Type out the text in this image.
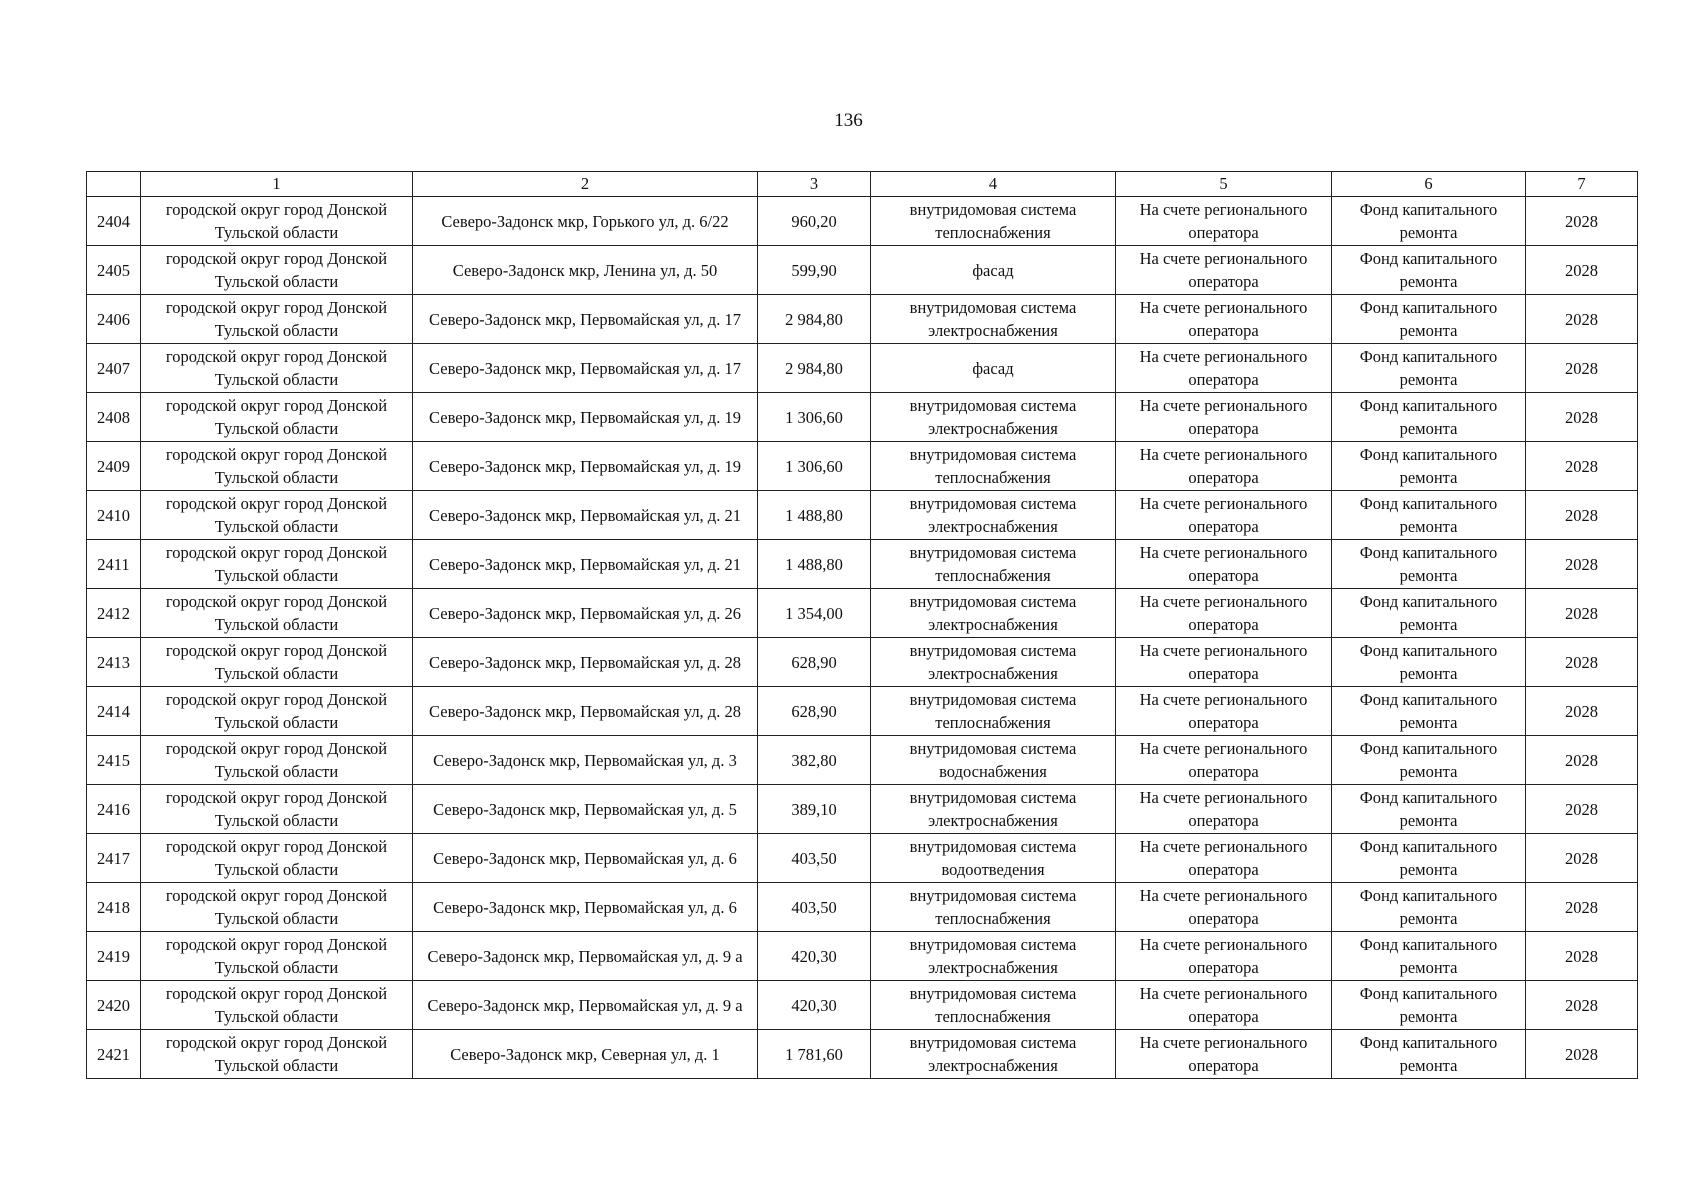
136
	1	2	3	4	5	6	7
2404	городской округ город Донской Тульской области	Северо-Задонск мкр, Горького ул, д. 6/22	960,20	внутридомовая система теплоснабжения	На счете регионального оператора	Фонд капитального ремонта	2028
2405	городской округ город Донской Тульской области	Северо-Задонск мкр, Ленина ул, д. 50	599,90	фасад	На счете регионального оператора	Фонд капитального ремонта	2028
2406	городской округ город Донской Тульской области	Северо-Задонск мкр, Первомайская ул, д. 17	2 984,80	внутридомовая система электроснабжения	На счете регионального оператора	Фонд капитального ремонта	2028
2407	городской округ город Донской Тульской области	Северо-Задонск мкр, Первомайская ул, д. 17	2 984,80	фасад	На счете регионального оператора	Фонд капитального ремонта	2028
2408	городской округ город Донской Тульской области	Северо-Задонск мкр, Первомайская ул, д. 19	1 306,60	внутридомовая система электроснабжения	На счете регионального оператора	Фонд капитального ремонта	2028
2409	городской округ город Донской Тульской области	Северо-Задонск мкр, Первомайская ул, д. 19	1 306,60	внутридомовая система теплоснабжения	На счете регионального оператора	Фонд капитального ремонта	2028
2410	городской округ город Донской Тульской области	Северо-Задонск мкр, Первомайская ул, д. 21	1 488,80	внутридомовая система электроснабжения	На счете регионального оператора	Фонд капитального ремонта	2028
2411	городской округ город Донской Тульской области	Северо-Задонск мкр, Первомайская ул, д. 21	1 488,80	внутридомовая система теплоснабжения	На счете регионального оператора	Фонд капитального ремонта	2028
2412	городской округ город Донской Тульской области	Северо-Задонск мкр, Первомайская ул, д. 26	1 354,00	внутридомовая система электроснабжения	На счете регионального оператора	Фонд капитального ремонта	2028
2413	городской округ город Донской Тульской области	Северо-Задонск мкр, Первомайская ул, д. 28	628,90	внутридомовая система электроснабжения	На счете регионального оператора	Фонд капитального ремонта	2028
2414	городской округ город Донской Тульской области	Северо-Задонск мкр, Первомайская ул, д. 28	628,90	внутридомовая система теплоснабжения	На счете регионального оператора	Фонд капитального ремонта	2028
2415	городской округ город Донской Тульской области	Северо-Задонск мкр, Первомайская ул, д. 3	382,80	внутридомовая система водоснабжения	На счете регионального оператора	Фонд капитального ремонта	2028
2416	городской округ город Донской Тульской области	Северо-Задонск мкр, Первомайская ул, д. 5	389,10	внутридомовая система электроснабжения	На счете регионального оператора	Фонд капитального ремонта	2028
2417	городской округ город Донской Тульской области	Северо-Задонск мкр, Первомайская ул, д. 6	403,50	внутридомовая система водоотведения	На счете регионального оператора	Фонд капитального ремонта	2028
2418	городской округ город Донской Тульской области	Северо-Задонск мкр, Первомайская ул, д. 6	403,50	внутридомовая система теплоснабжения	На счете регионального оператора	Фонд капитального ремонта	2028
2419	городской округ город Донской Тульской области	Северо-Задонск мкр, Первомайская ул, д. 9 а	420,30	внутридомовая система электроснабжения	На счете регионального оператора	Фонд капитального ремонта	2028
2420	городской округ город Донской Тульской области	Северо-Задонск мкр, Первомайская ул, д. 9 а	420,30	внутридомовая система теплоснабжения	На счете регионального оператора	Фонд капитального ремонта	2028
2421	городской округ город Донской Тульской области	Северо-Задонск мкр, Северная ул, д. 1	1 781,60	внутридомовая система электроснабжения	На счете регионального оператора	Фонд капитального ремонта	2028
